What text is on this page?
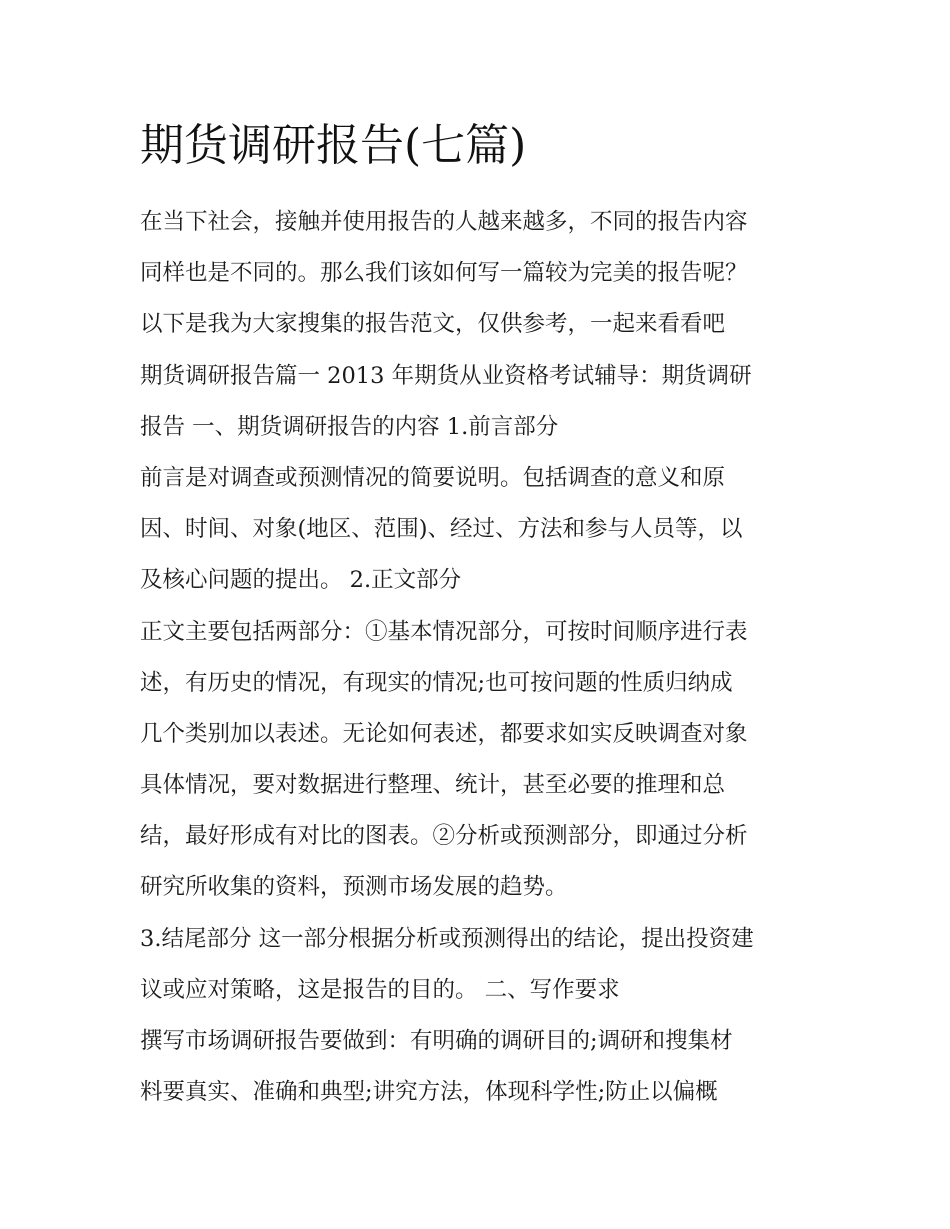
期货调研报告(七篇)
在当下社会，接触并使用报告的人越来越多，不同的报告内容
同样也是不同的。那么我们该如何写一篇较为完美的报告呢？
以下是我为大家搜集的报告范文，仅供参考，一起来看看吧
期货调研报告篇一 2013 年期货从业资格考试辅导：期货调研
报告 一、期货调研报告的内容 1.前言部分
前言是对调查或预测情况的简要说明。包括调查的意义和原
因、时间、对象(地区、范围)、经过、方法和参与人员等，以
及核心问题的提出。 2.正文部分
正文主要包括两部分：①基本情况部分，可按时间顺序进行表
述，有历史的情况，有现实的情况;也可按问题的性质归纳成
几个类别加以表述。无论如何表述，都要求如实反映调查对象
具体情况，要对数据进行整理、统计，甚至必要的推理和总
结，最好形成有对比的图表。②分析或预测部分，即通过分析
研究所收集的资料，预测市场发展的趋势。
3.结尾部分 这一部分根据分析或预测得出的结论，提出投资建
议或应对策略，这是报告的目的。 二、写作要求
撰写市场调研报告要做到：有明确的调研目的;调研和搜集材
料要真实、准确和典型;讲究方法，体现科学性;防止以偏概
